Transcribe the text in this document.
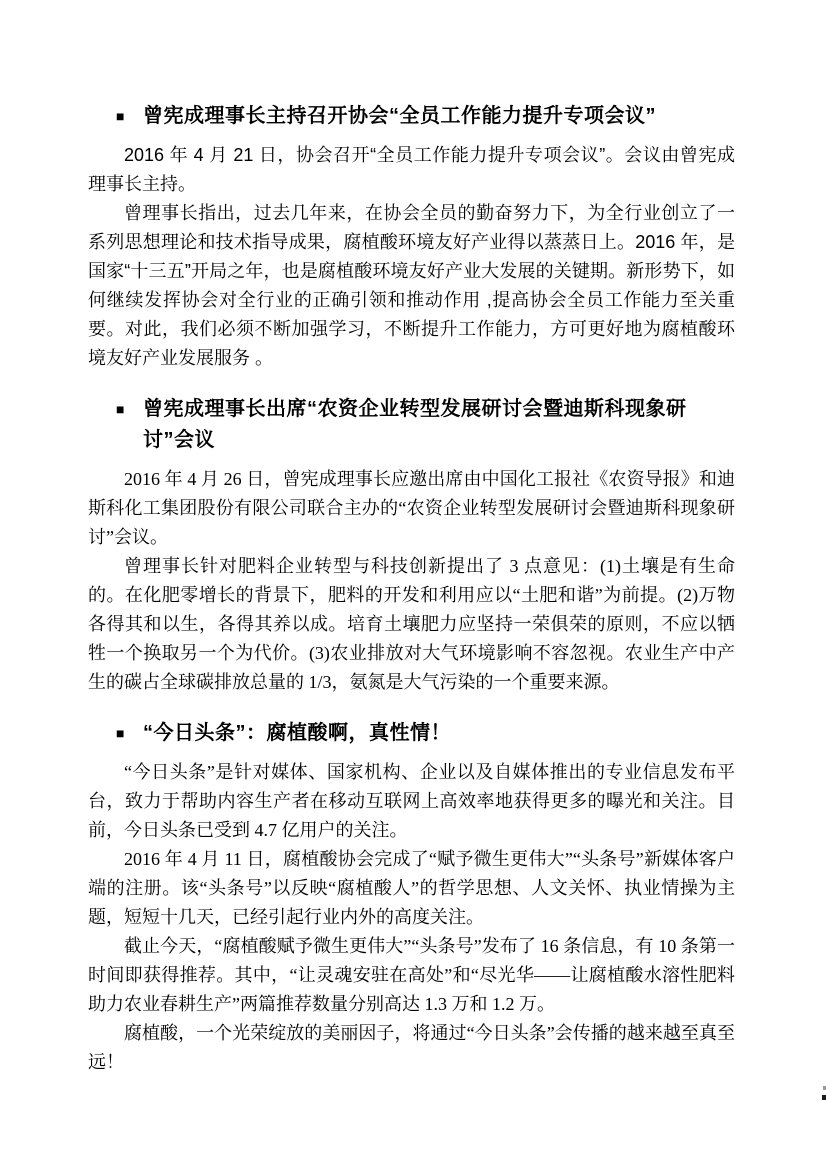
■ 曾宪成理事长主持召开协会“全员工作能力提升专项会议”

2016 年 4 月 21 日，协会召开“全员工作能力提升专项会议”。会议由曾宪成理事长主持。

曾理事长指出，过去几年来，在协会全员的勤奋努力下，为全行业创立了一系列思想理论和技术指导成果，腐植酸环境友好产业得以蒸蒸日上。2016 年，是国家“十三五”开局之年，也是腐植酸环境友好产业大发展的关键期。新形势下，如何继续发挥协会对全行业的正确引领和推动作用 ,提高协会全员工作能力至关重要。对此，我们必须不断加强学习，不断提升工作能力，方可更好地为腐植酸环境友好产业发展服务 。

■ 曾宪成理事长出席“农资企业转型发展研讨会暨迪斯科现象研讨”会议

2016 年 4 月 26 日，曾宪成理事长应邀出席由中国化工报社《农资导报》和迪斯科化工集团股份有限公司联合主办的“农资企业转型发展研讨会暨迪斯科现象研讨”会议。

曾理事长针对肥料企业转型与科技创新提出了 3 点意见：(1)土壤是有生命的。在化肥零增长的背景下，肥料的开发和利用应以“土肥和谐”为前提。(2)万物各得其和以生，各得其养以成。培育土壤肥力应坚持一荣俱荣的原则，不应以牺牲一个换取另一个为代价。(3)农业排放对大气环境影响不容忽视。农业生产中产生的碳占全球碳排放总量的 1/3，氨氮是大气污染的一个重要来源。

■ “今日头条”：腐植酸啊，真性情！

“今日头条”是针对媒体、国家机构、企业以及自媒体推出的专业信息发布平台，致力于帮助内容生产者在移动互联网上高效率地获得更多的曝光和关注。目前，今日头条已受到 4.7 亿用户的关注。

2016 年 4 月 11 日，腐植酸协会完成了“赋予微生更伟大”“头条号”新媒体客户端的注册。该“头条号”以反映“腐植酸人”的哲学思想、人文关怀、执业情操为主题，短短十几天，已经引起行业内外的高度关注。

截止今天，“腐植酸赋予微生更伟大”“头条号”发布了 16 条信息，有 10 条第一时间即获得推荐。其中，“让灵魂安驻在高处”和“尽光华——让腐植酸水溶性肥料助力农业春耕生产”两篇推荐数量分别高达 1.3 万和 1.2 万。

腐植酸，一个光荣绽放的美丽因子，将通过“今日头条”会传播的越来越至真至远！
